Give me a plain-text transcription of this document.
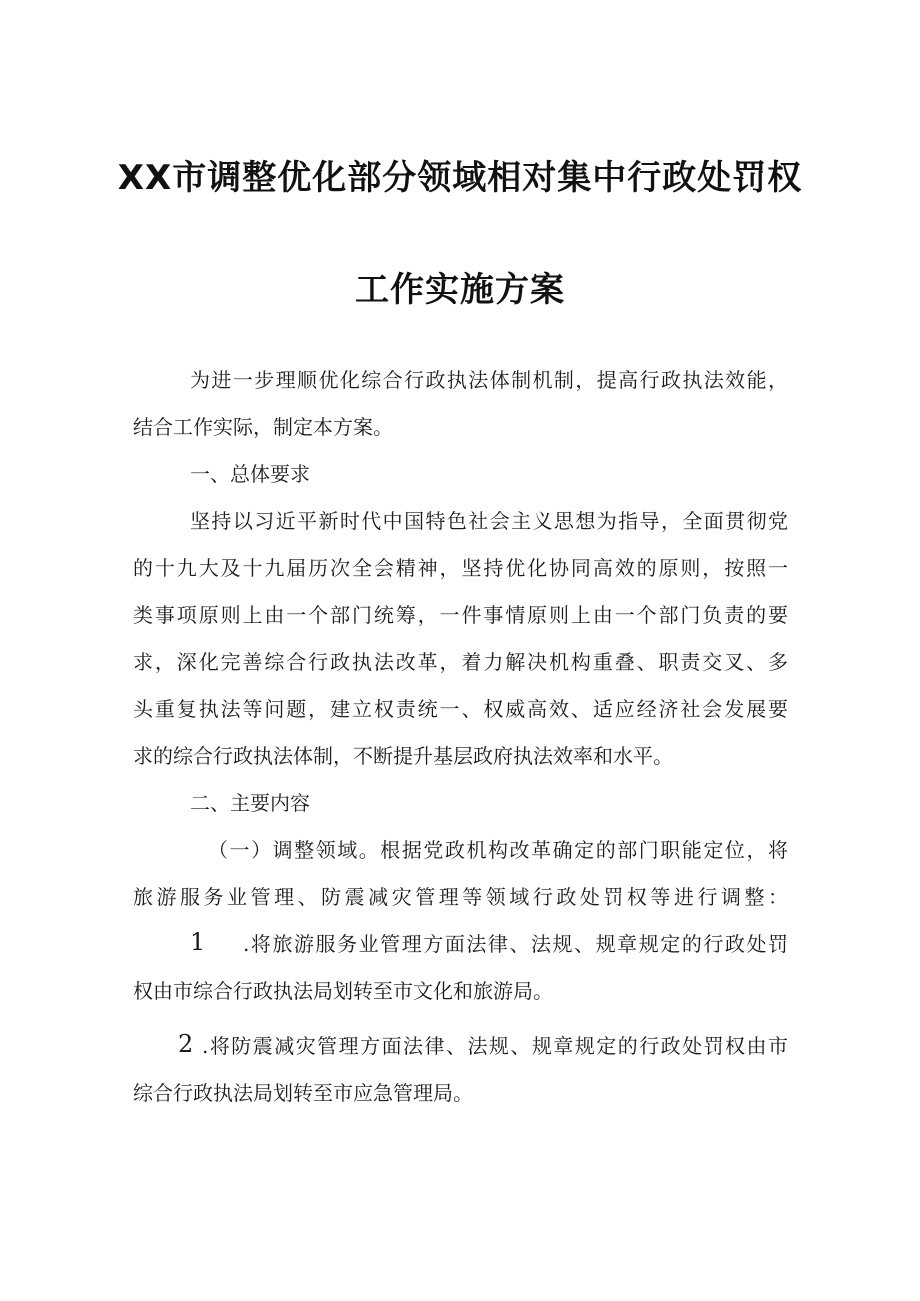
XX市调整优化部分领域相对集中行政处罚权
工作实施方案
为进一步理顺优化综合行政执法体制机制，提高行政执法效能，
结合工作实际，制定本方案。
一、总体要求
坚持以习近平新时代中国特色社会主义思想为指导，全面贯彻党
的十九大及十九届历次全会精神，坚持优化协同高效的原则，按照一
类事项原则上由一个部门统筹，一件事情原则上由一个部门负责的要
求，深化完善综合行政执法改革，着力解决机构重叠、职责交叉、多
头重复执法等问题，建立权责统一、权威高效、适应经济社会发展要
求的综合行政执法体制，不断提升基层政府执法效率和水平。
二、主要内容
（一）调整领域。根据党政机构改革确定的部门职能定位，将
旅游服务业管理、防震减灾管理等领域行政处罚权等进行调整：
1	.将旅游服务业管理方面法律、法规、规章规定的行政处罚
权由市综合行政执法局划转至市文化和旅游局。
2 .将防震减灾管理方面法律、法规、规章规定的行政处罚权由市
综合行政执法局划转至市应急管理局。
